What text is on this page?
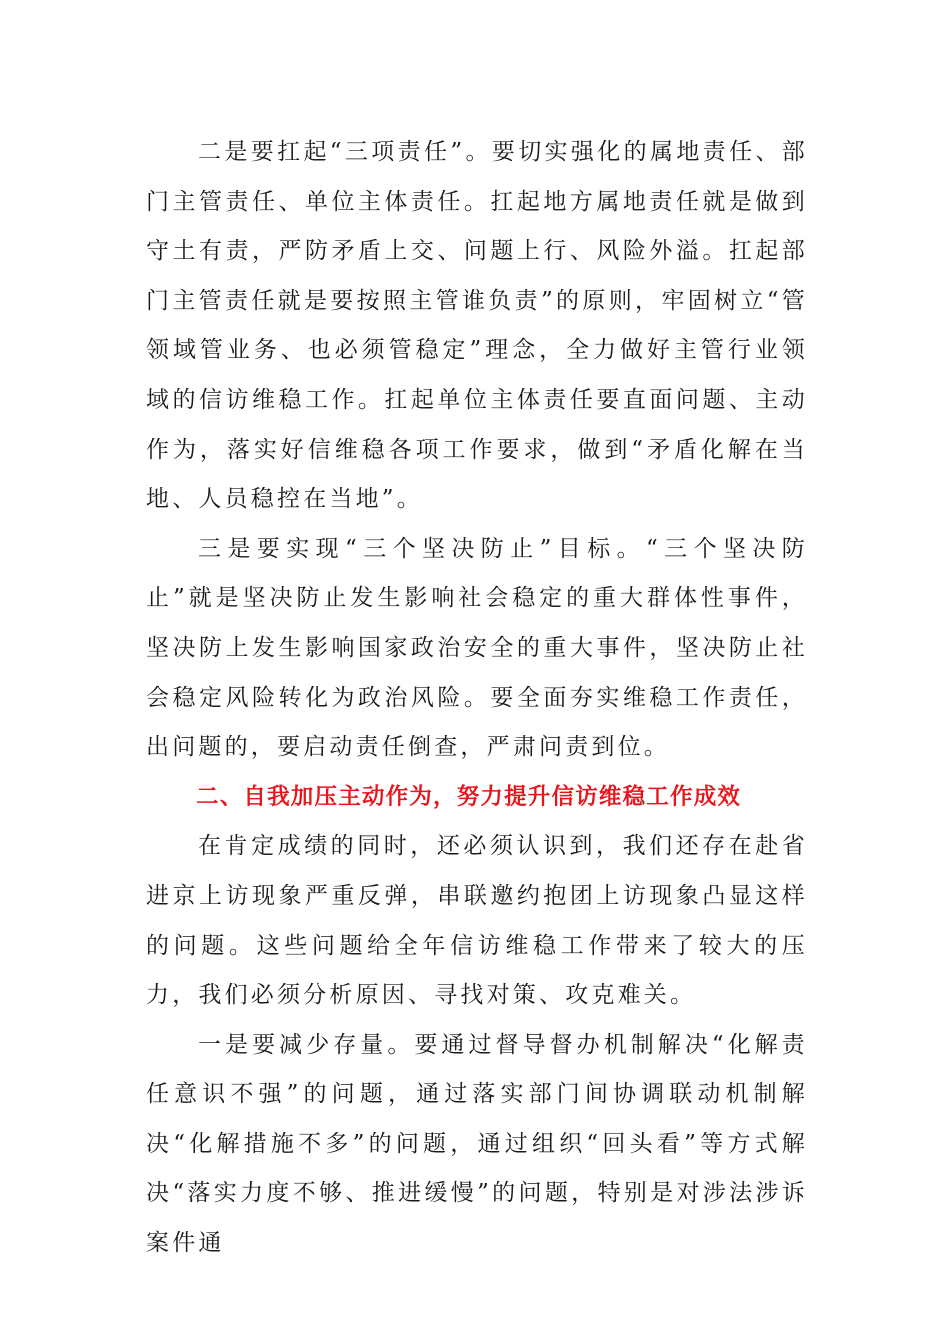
二是要扛起“三项责任”。要切实强化的属地责任、部门主管责任、单位主体责任。扛起地方属地责任就是做到守土有责，严防矛盾上交、问题上行、风险外溢。扛起部门主管责任就是要按照主管谁负责”的原则，牢固树立“管领域管业务、也必须管稳定”理念，全力做好主管行业领域的信访维稳工作。扛起单位主体责任要直面问题、主动作为，落实好信维稳各项工作要求，做到“矛盾化解在当地、人员稳控在当地”。

三是要实现“三个坚决防止”目标。“三个坚决防止”就是坚决防止发生影响社会稳定的重大群体性事件，坚决防上发生影响国家政治安全的重大事件，坚决防止社会稳定风险转化为政治风险。要全面夯实维稳工作责任，出问题的，要启动责任倒查，严肃问责到位。

二、自我加压主动作为，努力提升信访维稳工作成效

在肯定成绩的同时，还必须认识到，我们还存在赴省进京上访现象严重反弹，串联邀约抱团上访现象凸显这样的问题。这些问题给全年信访维稳工作带来了较大的压力，我们必须分析原因、寻找对策、攻克难关。

一是要减少存量。要通过督导督办机制解决“化解责任意识不强”的问题，通过落实部门间协调联动机制解决“化解措施不多”的问题，通过组织“回头看”等方式解决“落实力度不够、推进缓慢”的问题，特别是对涉法涉诉案件通
